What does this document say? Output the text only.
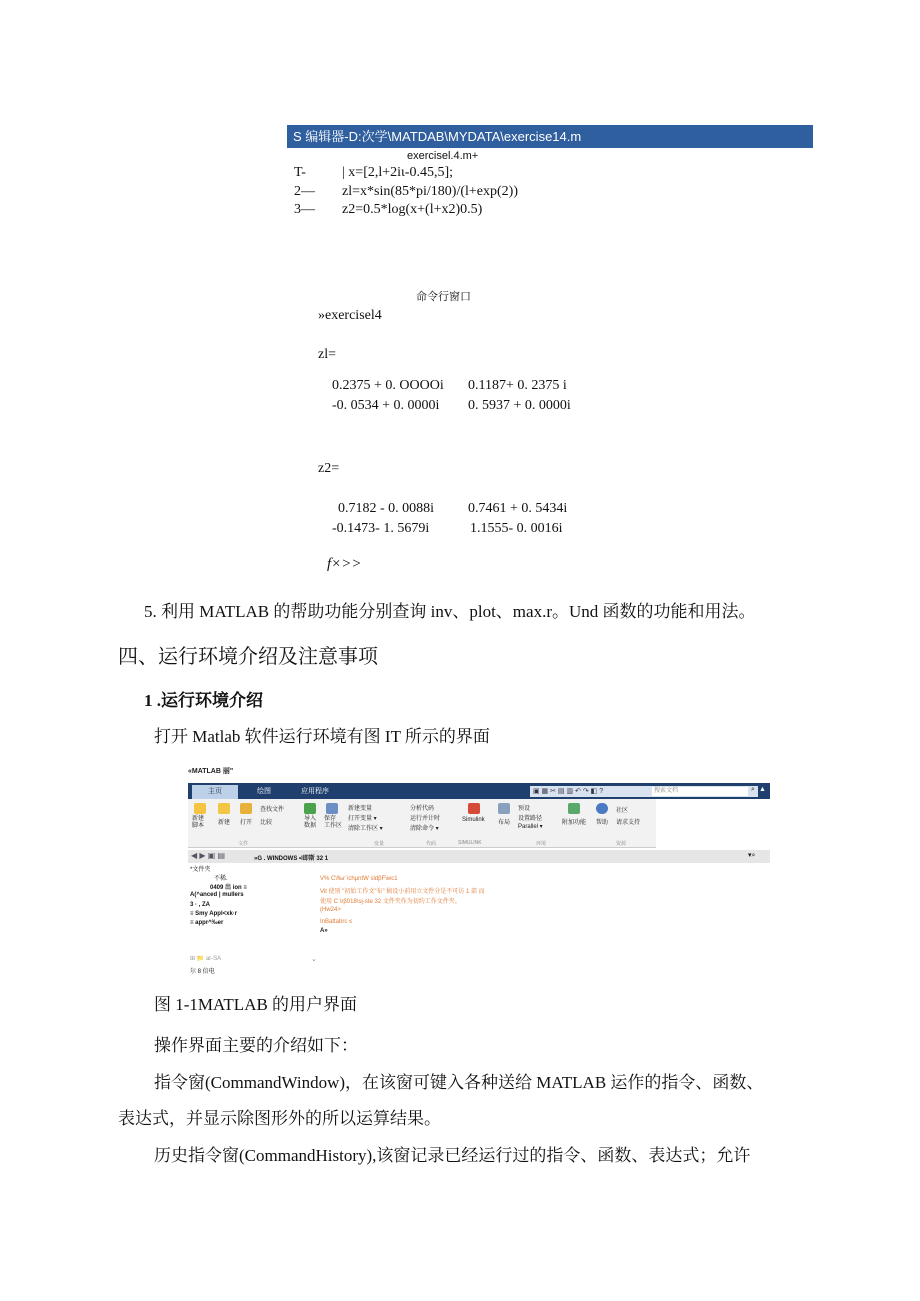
S 编辑器-D:次学\MATDAB\MYDATA\exercise14.m
exercisel.4.m+
T-	| x=[2,l+2iι-0.45,5];
2— zl=x*sin(85*pi/180)/(l+exp(2))
3— z2=0.5*log(x+(l+x2)0.5)
命令行窗口
»exercisel4
zl=
0.2375 + 0. OOOOi 0.1187+ 0. 2375 i
-0. 0534 + 0. 0000i 0. 5937 + 0. 0000i
z2=
0.7182 - 0. 0088i 0.7461 + 0. 5434i
-0.1473- 1. 5679i	1.1555- 0. 0016i
f×>>
5. 利用 MATLAB 的帮助功能分别查询 inv、plot、max.r。Und 函数的功能和用法。
四、运行环境介绍及注意事项
1 .运行环境介绍
打开 Matlab 软件运行环境有图 IT 所示的界面
«MATLAB 丽"
主页	绘图	应用程序	▣ ▦ ✂ ▤ ▥ ↶ ↷ ◧ ?	搜索文档	⌕ ▲
新建
脚本 新建 打开
查找文件
比较
导入
数据
保存
工作区
新建变量
打开变量 ▾
清除工作区 ▾
分析代码
运行并计时
清除命令 ▾
Simulink 布局
预设
设置路径
Parallel ▾
附加功能 帮助
社区
请求支持
文件	变量	代码	SIMULINK	环境	资源
◀ ▶ ▣ ▤	»G . WINDOWS •l即斯 32 1	▾⌕
*文件夹
不稀.
0409 岀 ion ≡
A(^anced | mullers
3 · , ZA
≡ Smy Appl<xk·r
≡ appr^‰er
⊞ 📁 ar-SA
尔 8 倍电
⌄
V% C\‰r \chμntW sldβF\wc1
Vit 使别 "初始工作文"布" 稿设小前用立文件分是不可访 1 部 而
使用 C \rβ018\sj-ste 32 文件夹作为初约工作文件夹。
(Hw24>
InBattabrc ≤
A»
图 1-1MATLAB 的用户界面
操作界面主要的介绍如下：
指令窗(CommandWindow)，在该窗可键入各种送给 MATLAB 运作的指令、函数、
表达式，并显示除图形外的所以运算结果。
历史指令窗(CommandHistory),该窗记录已经运行过的指令、函数、表达式；允许
